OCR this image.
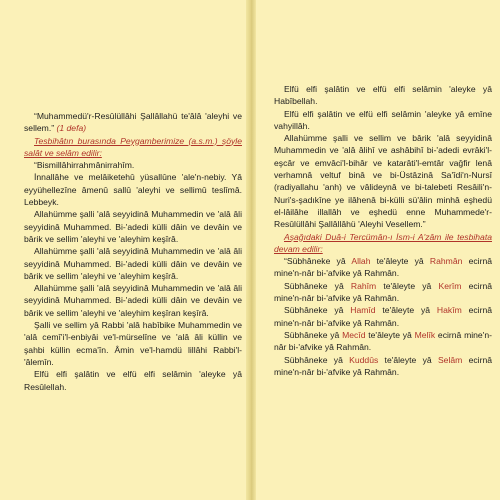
“Muhammedü'r-Resûlüllâhi Şallâllahü te'âlâ 'aleyhi ve sellem.” (1 defa)

Tesbihâtın burasında Peygamberimize (a.s.m.) şöyle salât ve selâm edilir:

“Bismillâhirrahmânirrahîm.

İnnallâhe ve melâiketehû yüsallûne 'ale'n-nebiy. Yâ eyyühellezîne âmenû sallû 'aleyhi ve sellimû teslîmâ. Lebbeyk.

Allahümme şalli 'alâ seyyidinâ Muhammedin ve 'alâ âli seyyidinâ Muhammed. Bi-'adedi külli dâin ve devâin ve bârik ve sellim 'aleyhi ve 'aleyhim keşîrâ.

Allahümme şalli 'alâ seyyidinâ Muhammedin ve 'alâ âli seyyidinâ Muhammed. Bi-'adedi külli dâin ve devâin ve bârik ve sellim 'aleyhi ve 'aleyhim keşîrâ.

Allahümme şalli 'alâ seyyidinâ Muhammedin ve 'alâ âli seyyidinâ Muhammed. Bi-'adedi külli dâin ve devâin ve bârik ve sellim 'aleyhi ve 'aleyhim keşîran keşîrâ.

Şalli ve sellim yâ Rabbi 'alâ habîbike Muhammedin ve 'alâ cemî'i'l-enbiyâi ve'l-mürselîne ve 'alâ âli küllin ve şahbi küllin ecma'în. Âmin ve'l-hamdü lillâhi Rabbi'l-'âlemîn.

Elfü elfi şalâtin ve elfü elfi selâmin 'aleyke yâ Resûlellah.

Elfü elfi şalâtin ve elfü elfi selâmin 'aleyke yâ Habîbellah.

Elfü elfi şalâtin ve elfü elfi selâmin 'aleyke yâ emîne vahyillâh.

Allahümme şalli ve sellim ve bârik 'alâ seyyidinâ Muhammedin ve 'alâ âlihî ve ashâbihî bi-'adedi evrâki'l-eşcâr ve emvâci'l-bihâr ve katarâti'l-emtâr vağfir lenâ verhamnâ veltuf binâ ve bi-Üstâzinâ Sa'îdi'n-Nursî (radiyallahu 'anh) ve vâlideynâ ve bi-talebeti Resâili'n-Nuri's-şadıkîne ye ilâhenâ bi-külli sü'âlin minhâ eşhedü el-lâilâhe illallâh ve eşhedü enne Muhammede'r-Resûlüllâhi Şallâllâhü 'Aleyhi Vesellem.”

Aşağıdaki Duâ-i Tercümân-ı İsm-i A'zâm ile tesbihata devam edilir:

“Sübhâneke yâ Allah te'âleyte yâ Rahmân ecirnâ mine'n-nâr bi-'afvike yâ Rahmân.

Sübhâneke yâ Rahîm te'âleyte yâ Kerîm ecirnâ mine'n-nâr bi-'afvike yâ Rahmân.

Sübhâneke yâ Hamîd te'âleyte yâ Hakîm ecirnâ mine'n-nâr bi-'afvike yâ Rahmân.

Sübhâneke yâ Mecîd te'âleyte yâ Melîk ecirnâ mine'n-nâr bi-'afvike yâ Rahmân.

Sübhâneke yâ Kuddûs te'âleyte yâ Selâm ecirnâ mine'n-nâr bi-'afvike yâ Rahmân.
